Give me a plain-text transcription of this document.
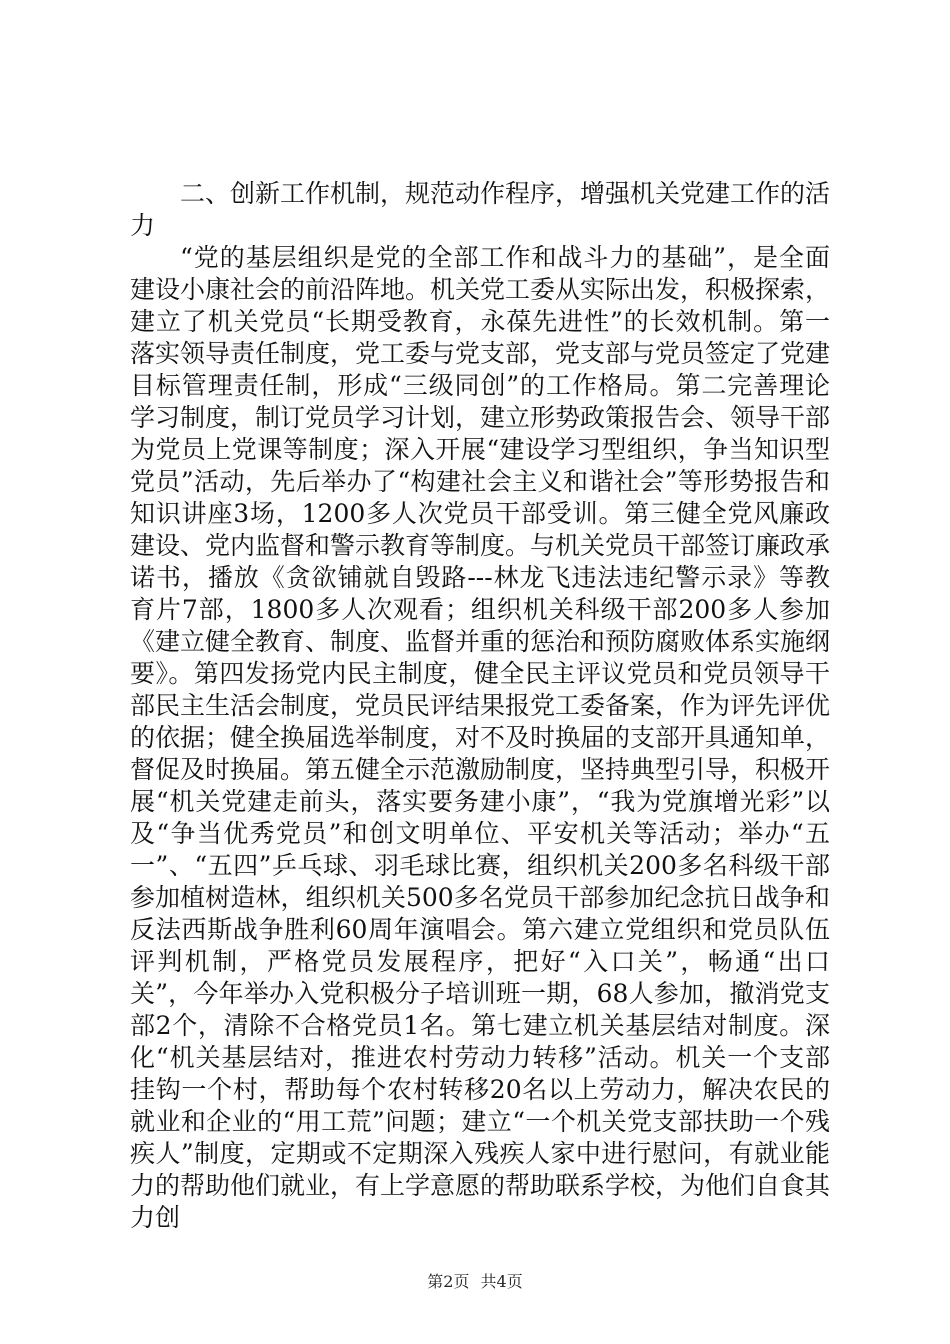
二、创新工作机制，规范动作程序，增强机关党建工作的活力

“党的基层组织是党的全部工作和战斗力的基础”，是全面建设小康社会的前沿阵地。机关党工委从实际出发，积极探索，建立了机关党员“长期受教育，永葆先进性”的长效机制。第一落实领导责任制度，党工委与党支部，党支部与党员签定了党建目标管理责任制，形成“三级同创”的工作格局。第二完善理论学习制度，制订党员学习计划，建立形势政策报告会、领导干部为党员上党课等制度；深入开展“建设学习型组织，争当知识型党员”活动，先后举办了“构建社会主义和谐社会”等形势报告和知识讲座3场，1200多人次党员干部受训。第三健全党风廉政建设、党内监督和警示教育等制度。与机关党员干部签订廉政承诺书，播放《贪欲铺就自毁路---林龙飞违法违纪警示录》等教育片7部，1800多人次观看；组织机关科级干部200多人参加《建立健全教育、制度、监督并重的惩治和预防腐败体系实施纲要》。第四发扬党内民主制度，健全民主评议党员和党员领导干部民主生活会制度，党员民评结果报党工委备案，作为评先评优的依据；健全换届选举制度，对不及时换届的支部开具通知单，督促及时换届。第五健全示范激励制度，坚持典型引导，积极开展“机关党建走前头，落实要务建小康”，“我为党旗增光彩”以及“争当优秀党员”和创文明单位、平安机关等活动；举办“五一”、“五四”乒乓球、羽毛球比赛，组织机关200多名科级干部参加植树造林，组织机关500多名党员干部参加纪念抗日战争和反法西斯战争胜利60周年演唱会。第六建立党组织和党员队伍评判机制，严格党员发展程序，把好“入口关”，畅通“出口关”，今年举办入党积极分子培训班一期，68人参加，撤消党支部2个，清除不合格党员1名。第七建立机关基层结对制度。深化“机关基层结对，推进农村劳动力转移”活动。机关一个支部挂钩一个村，帮助每个农村转移20名以上劳动力，解决农民的就业和企业的“用工荒”问题；建立“一个机关党支部扶助一个残疾人”制度，定期或不定期深入残疾人家中进行慰问，有就业能力的帮助他们就业，有上学意愿的帮助联系学校，为他们自食其力创

第2页 共4页
